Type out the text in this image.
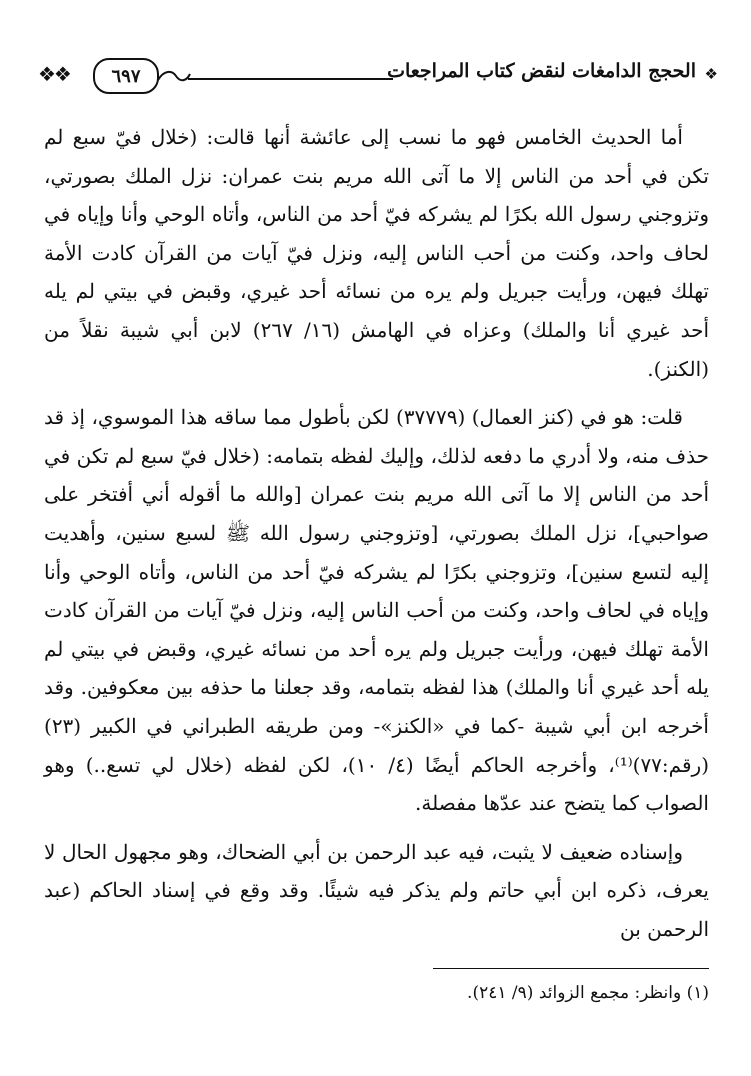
❖❖ ٦٩٧	الحجج الدامغات لنقض كتاب المراجعات ❖

أما الحديث الخامس فهو ما نسب إلى عائشة أنها قالت: (خلال فيّ سبع لم تكن في أحد من الناس إلا ما آتى الله مريم بنت عمران: نزل الملك بصورتي، وتزوجني رسول الله بكرًا لم يشركه فيّ أحد من الناس، وأتاه الوحي وأنا وإياه في لحاف واحد، وكنت من أحب الناس إليه، ونزل فيّ آيات من القرآن كادت الأمة تهلك فيهن، ورأيت جبريل ولم يره من نسائه أحد غيري، وقبض في بيتي لم يله أحد غيري أنا والملك) وعزاه في الهامش (١٦/ ٢٦٧) لابن أبي شيبة نقلاً من (الكنز).

قلت: هو في (كنز العمال) (٣٧٧٧٩) لكن بأطول مما ساقه هذا الموسوي، إذ قد حذف منه، ولا أدري ما دفعه لذلك، وإليك لفظه بتمامه: (خلال فيّ سبع لم تكن في أحد من الناس إلا ما آتى الله مريم بنت عمران [والله ما أقوله أني أفتخر على صواحبي]، نزل الملك بصورتي، [وتزوجني رسول الله ﷺ لسبع سنين، وأهديت إليه لتسع سنين]، وتزوجني بكرًا لم يشركه فيّ أحد من الناس، وأتاه الوحي وأنا وإياه في لحاف واحد، وكنت من أحب الناس إليه، ونزل فيّ آيات من القرآن كادت الأمة تهلك فيهن، ورأيت جبريل ولم يره أحد من نسائه غيري، وقبض في بيتي لم يله أحد غيري أنا والملك) هذا لفظه بتمامه، وقد جعلنا ما حذفه بين معكوفين. وقد أخرجه ابن أبي شيبة -كما في «الكنز»- ومن طريقه الطبراني في الكبير (٢٣) (رقم:٧٧)⁽¹⁾، وأخرجه الحاكم أيضًا (٤/ ١٠)، لكن لفظه (خلال لي تسع..) وهو الصواب كما يتضح عند عدّها مفصلة.

وإسناده ضعيف لا يثبت، فيه عبد الرحمن بن أبي الضحاك، وهو مجهول الحال لا يعرف، ذكره ابن أبي حاتم ولم يذكر فيه شيئًا. وقد وقع في إسناد الحاكم (عبد الرحمن بن

(١) وانظر: مجمع الزوائد (٩/ ٢٤١).
